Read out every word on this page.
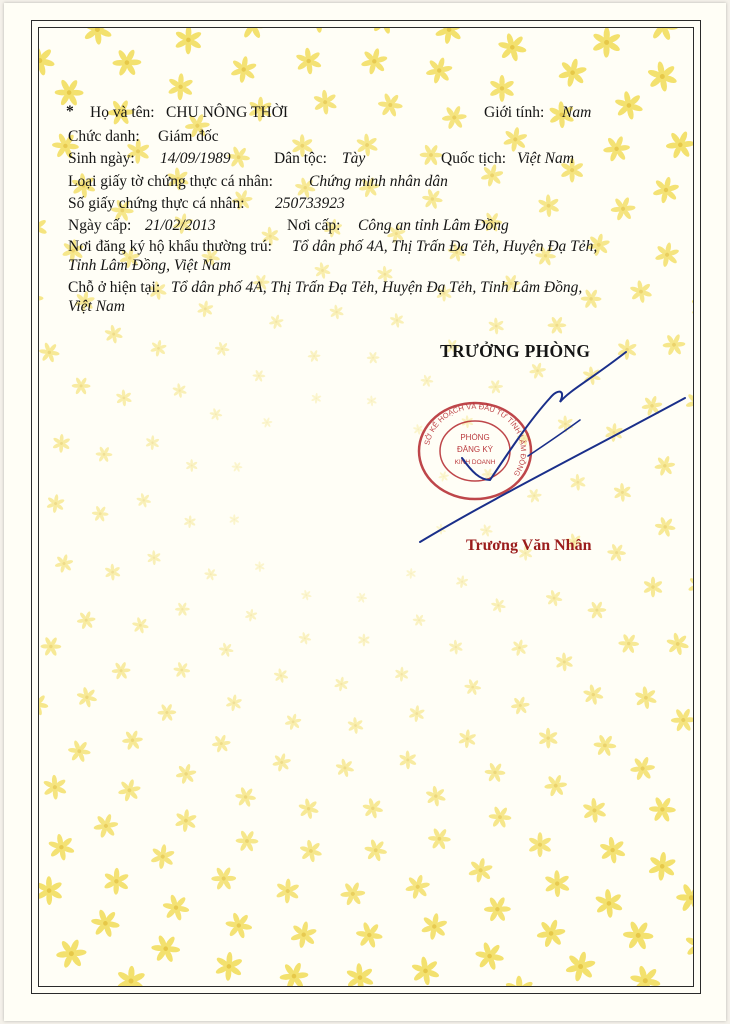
* Họ và tên: CHU NÔNG THỜI	Giới tính: Nam
Chức danh: Giám đốc
Sinh ngày: 14/09/1989	Dân tộc: Tày	Quốc tịch: Việt Nam
Loại giấy tờ chứng thực cá nhân: Chứng minh nhân dân
Số giấy chứng thực cá nhân: 250733923
Ngày cấp: 21/02/2013	Nơi cấp: Công an tỉnh Lâm Đồng
Nơi đăng ký hộ khẩu thường trú: Tổ dân phố 4A, Thị Trấn Đạ Tẻh, Huyện Đạ Tẻh,
Tỉnh Lâm Đồng, Việt Nam
Chỗ ở hiện tại: Tổ dân phố 4A, Thị Trấn Đạ Tẻh, Huyện Đạ Tẻh, Tỉnh Lâm Đồng,
Việt Nam
TRƯỞNG PHÒNG
SỞ KẾ HOẠCH VÀ ĐẦU TƯ TỈNH LÂM ĐỒNG
PHÒNG
ĐĂNG KÝ
KINH DOANH
Trương Văn Nhân
